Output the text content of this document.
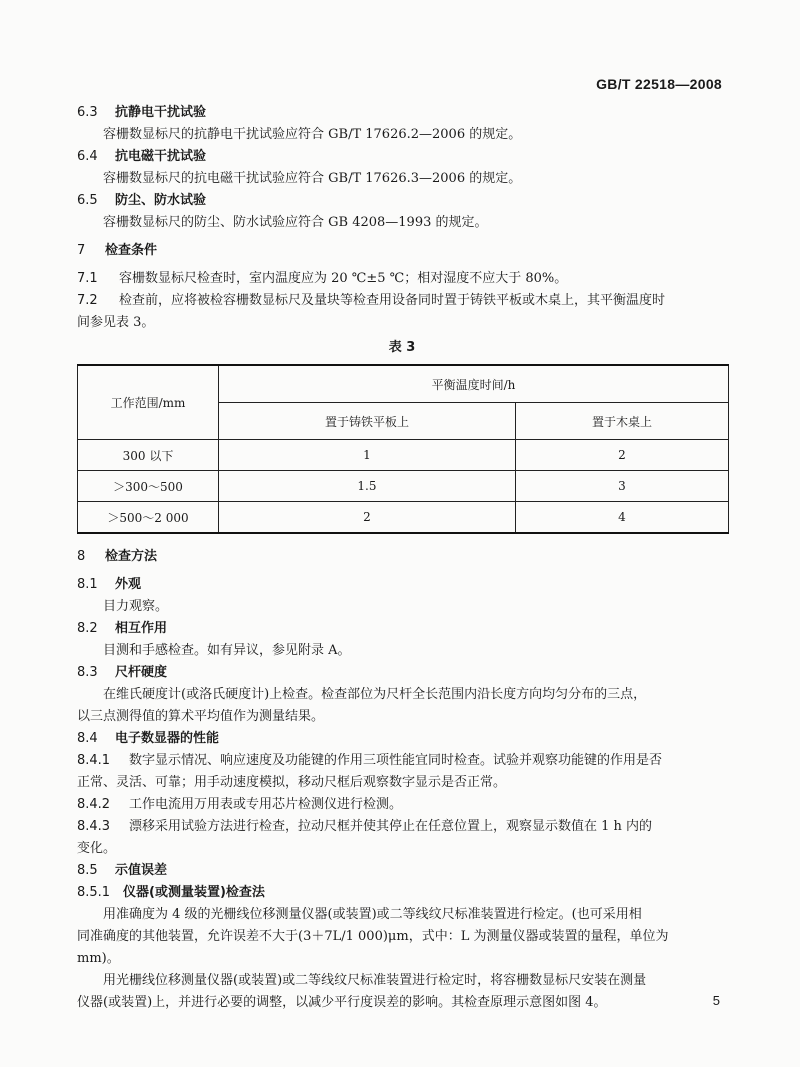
GB/T 22518—2008
6.3 抗静电干扰试验

容栅数显标尺的抗静电干扰试验应符合 GB/T 17626.2—2006 的规定。

6.4 抗电磁干扰试验

容栅数显标尺的抗电磁干扰试验应符合 GB/T 17626.3—2006 的规定。

6.5 防尘、防水试验

容栅数显标尺的防尘、防水试验应符合 GB 4208—1993 的规定。

7 检查条件

7.1 容栅数显标尺检查时，室内温度应为 20 ℃±5 ℃；相对湿度不应大于 80%。

7.2 检查前，应将被检容栅数显标尺及量块等检查用设备同时置于铸铁平板或木桌上，其平衡温度时

间参见表 3。

表 3
工作范围/mm	平衡温度时间/h	
	置于铸铁平板上	置于木桌上
300 以下	1	2
＞300～500	1.5	3
＞500～2 000	2	4
8 检查方法
8.1 外观

目力观察。

8.2 相互作用

目测和手感检查。如有异议，参见附录 A。

8.3 尺杆硬度

在维氏硬度计(或洛氏硬度计)上检查。检查部位为尺杆全长范围内沿长度方向均匀分布的三点，

以三点测得值的算术平均值作为测量结果。

8.4 电子数显器的性能

8.4.1 数字显示情况、响应速度及功能键的作用三项性能宜同时检查。试验并观察功能键的作用是否

正常、灵活、可靠；用手动速度模拟，移动尺框后观察数字显示是否正常。

8.4.2 工作电流用万用表或专用芯片检测仪进行检测。

8.4.3 漂移采用试验方法进行检查，拉动尺框并使其停止在任意位置上，观察显示数值在 1 h 内的

变化。

8.5 示值误差
8.5.1 仪器(或测量装置)检查法

用准确度为 4 级的光栅线位移测量仪器(或装置)或二等线纹尺标准装置进行检定。(也可采用相

同准确度的其他装置，允许误差不大于(3＋7L/1 000)μm，式中：L 为测量仪器或装置的量程，单位为

mm)。

用光栅线位移测量仪器(或装置)或二等线纹尺标准装置进行检定时，将容栅数显标尺安装在测量

仪器(或装置)上，并进行必要的调整，以减少平行度误差的影响。其检查原理示意图如图 4。	5
